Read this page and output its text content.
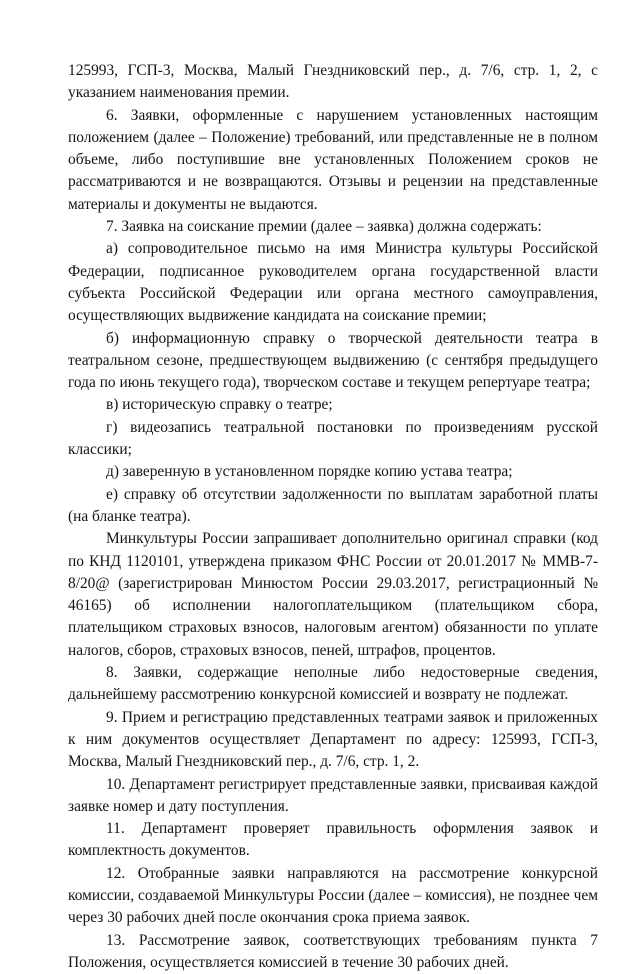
125993, ГСП-3, Москва, Малый Гнездниковский пер., д. 7/6, стр. 1, 2, с указанием наименования премии.

6. Заявки, оформленные с нарушением установленных настоящим положением (далее – Положение) требований, или представленные не в полном объеме, либо поступившие вне установленных Положением сроков не рассматриваются и не возвращаются. Отзывы и рецензии на представленные материалы и документы не выдаются.

7. Заявка на соискание премии (далее – заявка) должна содержать:

а) сопроводительное письмо на имя Министра культуры Российской Федерации, подписанное руководителем органа государственной власти субъекта Российской Федерации или органа местного самоуправления, осуществляющих выдвижение кандидата на соискание премии;

б) информационную справку о творческой деятельности театра в театральном сезоне, предшествующем выдвижению (с сентября предыдущего года по июнь текущего года), творческом составе и текущем репертуаре театра;

в) историческую справку о театре;

г) видеозапись театральной постановки по произведениям русской классики;

д) заверенную в установленном порядке копию устава театра;

е) справку об отсутствии задолженности по выплатам заработной платы (на бланке театра).

Минкультуры России запрашивает дополнительно оригинал справки (код по КНД 1120101, утверждена приказом ФНС России от 20.01.2017 № ММВ-7-8/20@ (зарегистрирован Минюстом России 29.03.2017, регистрационный № 46165) об исполнении налогоплательщиком (плательщиком сбора, плательщиком страховых взносов, налоговым агентом) обязанности по уплате налогов, сборов, страховых взносов, пеней, штрафов, процентов.

8. Заявки, содержащие неполные либо недостоверные сведения, дальнейшему рассмотрению конкурсной комиссией и возврату не подлежат.

9. Прием и регистрацию представленных театрами заявок и приложенных к ним документов осуществляет Департамент по адресу: 125993, ГСП-3, Москва, Малый Гнездниковский пер., д. 7/6, стр. 1, 2.

10. Департамент регистрирует представленные заявки, присваивая каждой заявке номер и дату поступления.

11. Департамент проверяет правильность оформления заявок и комплектность документов.

12. Отобранные заявки направляются на рассмотрение конкурсной комиссии, создаваемой Минкультуры России (далее – комиссия), не позднее чем через 30 рабочих дней после окончания срока приема заявок.

13. Рассмотрение заявок, соответствующих требованиям пункта 7 Положения, осуществляется комиссией в течение 30 рабочих дней.
